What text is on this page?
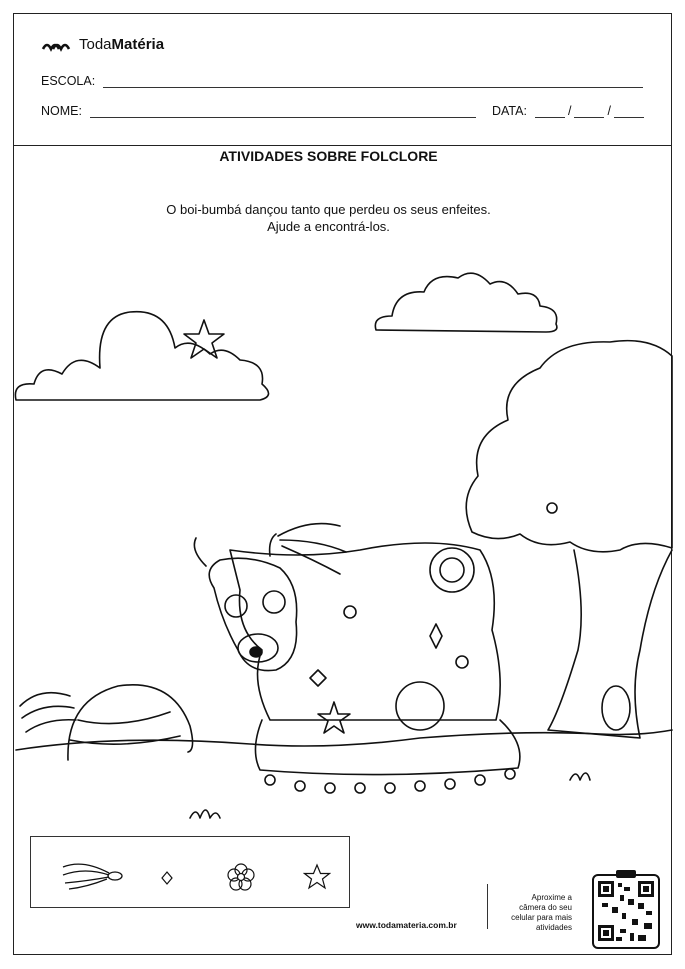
TodaMatéria
ESCOLA:
NOME:	DATA:	/	/
ATIVIDADES SOBRE FOLCLORE
O boi-bumbá dançou tanto que perdeu os seus enfeites.
Ajude a encontrá-los.
www.todamateria.com.br
Aproxime a
câmera do seu
celular para mais
atividades
